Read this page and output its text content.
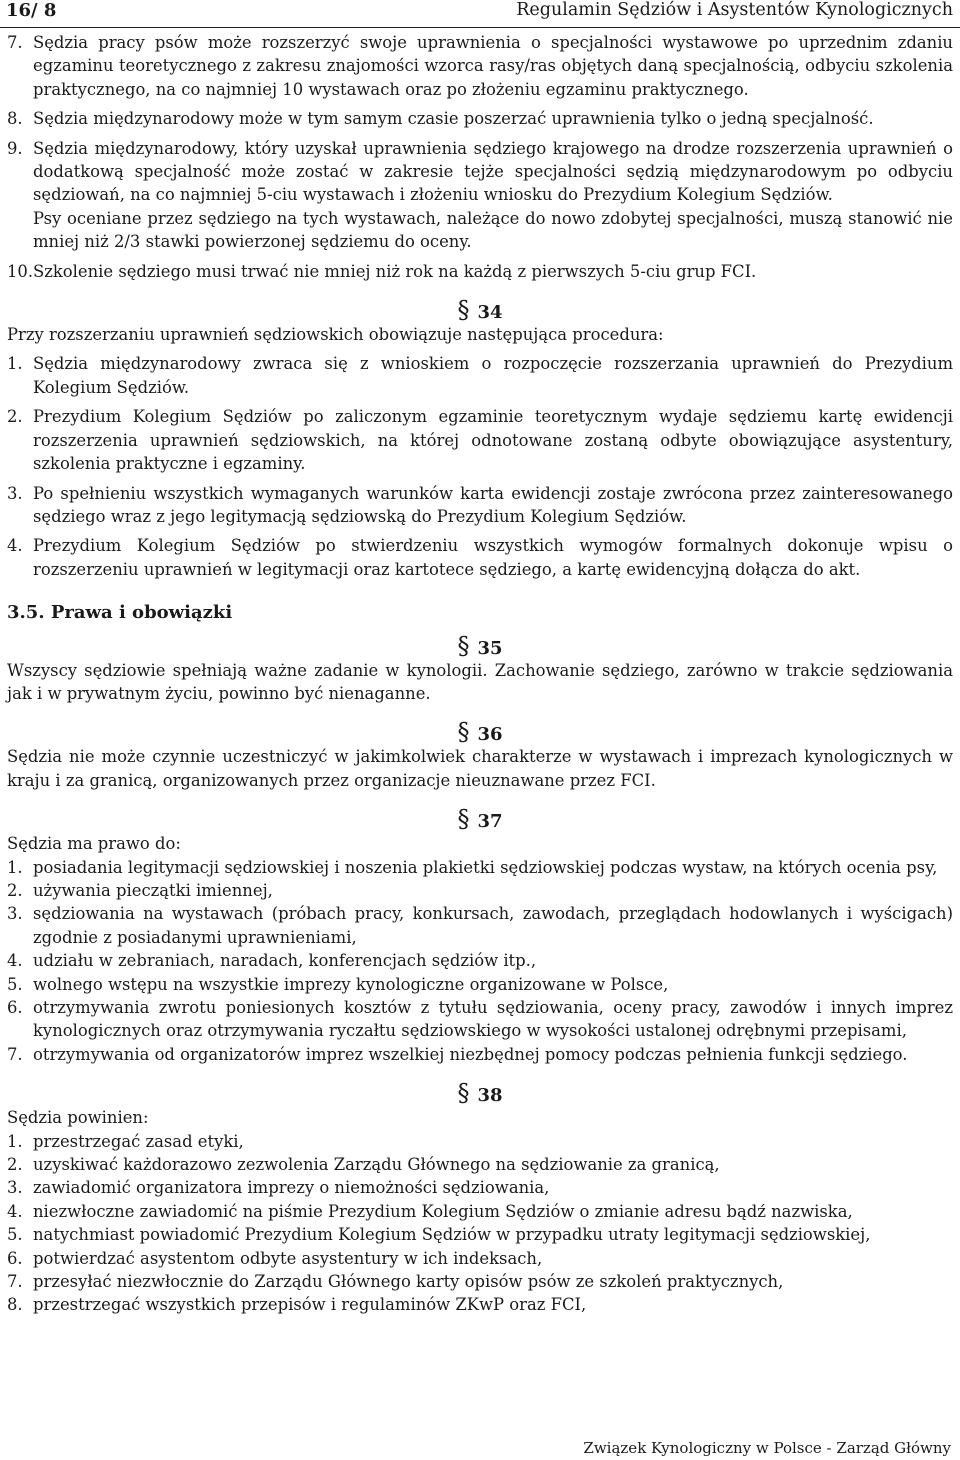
16/ 8	Regulamin Sędziów i Asystentów Kynologicznych
7. Sędzia pracy psów może rozszerzyć swoje uprawnienia o specjalności wystawowe po uprzednim zdaniu egzaminu teoretycznego z zakresu znajomości wzorca rasy/ras objętych daną specjalnością, odbyciu szkolenia praktycznego, na co najmniej 10 wystawach oraz po złożeniu egzaminu praktycznego.

8. Sędzia międzynarodowy może w tym samym czasie poszerzać uprawnienia tylko o jedną specjalność.

9. Sędzia międzynarodowy, który uzyskał uprawnienia sędziego krajowego na drodze rozszerzenia uprawnień o dodatkową specjalność może zostać w zakresie tejże specjalności sędzią międzynarodowym po odbyciu sędziowań, na co najmniej 5-ciu wystawach i złożeniu wniosku do Prezydium Kolegium Sędziów.

Psy oceniane przez sędziego na tych wystawach, należące do nowo zdobytej specjalności, muszą stanowić nie mniej niż 2/3 stawki powierzonej sędziemu do oceny.

10. Szkolenie sędziego musi trwać nie mniej niż rok na każdą z pierwszych 5-ciu grup FCI.

§ 34
Przy rozszerzaniu uprawnień sędziowskich obowiązuje następująca procedura:
1. Sędzia międzynarodowy zwraca się z wnioskiem o rozpoczęcie rozszerzania uprawnień do Prezydium Kolegium Sędziów.

2. Prezydium Kolegium Sędziów po zaliczonym egzaminie teoretycznym wydaje sędziemu kartę ewidencji rozszerzenia uprawnień sędziowskich, na której odnotowane zostaną odbyte obowiązujące asystentury, szkolenia praktyczne i egzaminy.

3. Po spełnieniu wszystkich wymaganych warunków karta ewidencji zostaje zwrócona przez zainteresowanego sędziego wraz z jego legitymacją sędziowską do Prezydium Kolegium Sędziów.

4. Prezydium Kolegium Sędziów po stwierdzeniu wszystkich wymogów formalnych dokonuje wpisu o rozszerzeniu uprawnień w legitymacji oraz kartotece sędziego, a kartę ewidencyjną dołącza do akt.

3.5. Prawa i obowiązki
§ 35
Wszyscy sędziowie spełniają ważne zadanie w kynologii. Zachowanie sędziego, zarówno w trakcie sędziowania jak i w prywatnym życiu, powinno być nienaganne.
§ 36
Sędzia nie może czynnie uczestniczyć w jakimkolwiek charakterze w wystawach i imprezach kynologicznych w kraju i za granicą, organizowanych przez organizacje nieuznawane przez FCI.
§ 37
Sędzia ma prawo do:
1. posiadania legitymacji sędziowskiej i noszenia plakietki sędziowskiej podczas wystaw, na których ocenia psy,

2. używania pieczątki imiennej,

3. sędziowania na wystawach (próbach pracy, konkursach, zawodach, przeglądach hodowlanych i wyścigach) zgodnie z posiadanymi uprawnieniami,

4. udziału w zebraniach, naradach, konferencjach sędziów itp.,

5. wolnego wstępu na wszystkie imprezy kynologiczne organizowane w Polsce,

6. otrzymywania zwrotu poniesionych kosztów z tytułu sędziowania, oceny pracy, zawodów i innych imprez kynologicznych oraz otrzymywania ryczałtu sędziowskiego w wysokości ustalonej odrębnymi przepisami,

7. otrzymywania od organizatorów imprez wszelkiej niezbędnej pomocy podczas pełnienia funkcji sędziego.

§ 38
Sędzia powinien:
1. przestrzegać zasad etyki,

2. uzyskiwać każdorazowo zezwolenia Zarządu Głównego na sędziowanie za granicą,

3. zawiadomić organizatora imprezy o niemożności sędziowania,

4. niezwłoczne zawiadomić na piśmie Prezydium Kolegium Sędziów o zmianie adresu bądź nazwiska,

5. natychmiast powiadomić Prezydium Kolegium Sędziów w przypadku utraty legitymacji sędziowskiej,

6. potwierdzać asystentom odbyte asystentury w ich indeksach,

7. przesyłać niezwłocznie do Zarządu Głównego karty opisów psów ze szkoleń praktycznych,

8. przestrzegać wszystkich przepisów i regulaminów ZKwP oraz FCI,

Związek Kynologiczny w Polsce - Zarząd Główny
